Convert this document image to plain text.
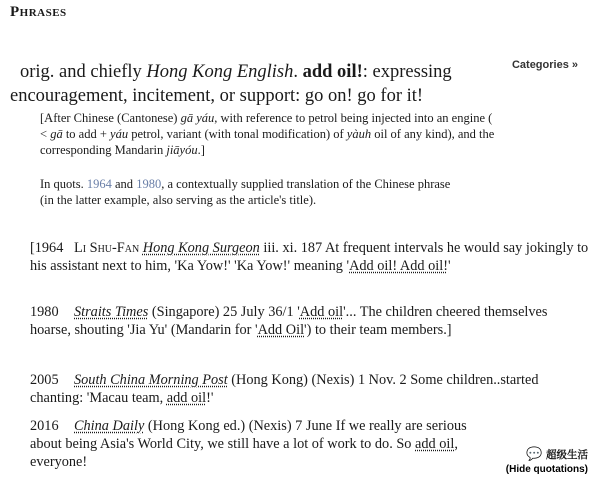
Phrases
Categories »
orig. and chiefly Hong Kong English. add oil!: expressing encouragement, incitement, or support: go on! go for it!
[After Chinese (Cantonese) gā yáu, with reference to petrol being injected into an engine ( < gā to add + yáu petrol, variant (with tonal modification) of yàuh oil of any kind), and the corresponding Mandarin jiāyóu.]
In quots. 1964 and 1980, a contextually supplied translation of the Chinese phrase (in the latter example, also serving as the article's title).
[1964 Li Shu-Fan Hong Kong Surgeon iii. xi. 187 At frequent intervals he would say jokingly to his assistant next to him, 'Ka Yow!' 'Ka Yow!' meaning 'Add oil! Add oil!'
1980 Straits Times (Singapore) 25 July 36/1 'Add oil'... The children cheered themselves hoarse, shouting 'Jia Yu' (Mandarin for 'Add Oil') to their team members.]
2005 South China Morning Post (Hong Kong) (Nexis) 1 Nov. 2 Some children..started chanting: 'Macau team, add oil!'
2016 China Daily (Hong Kong ed.) (Nexis) 7 June If we really are serious about being Asia's World City, we still have a lot of work to do. So add oil, everyone!	💬 超级生活
(Hide quotations)
